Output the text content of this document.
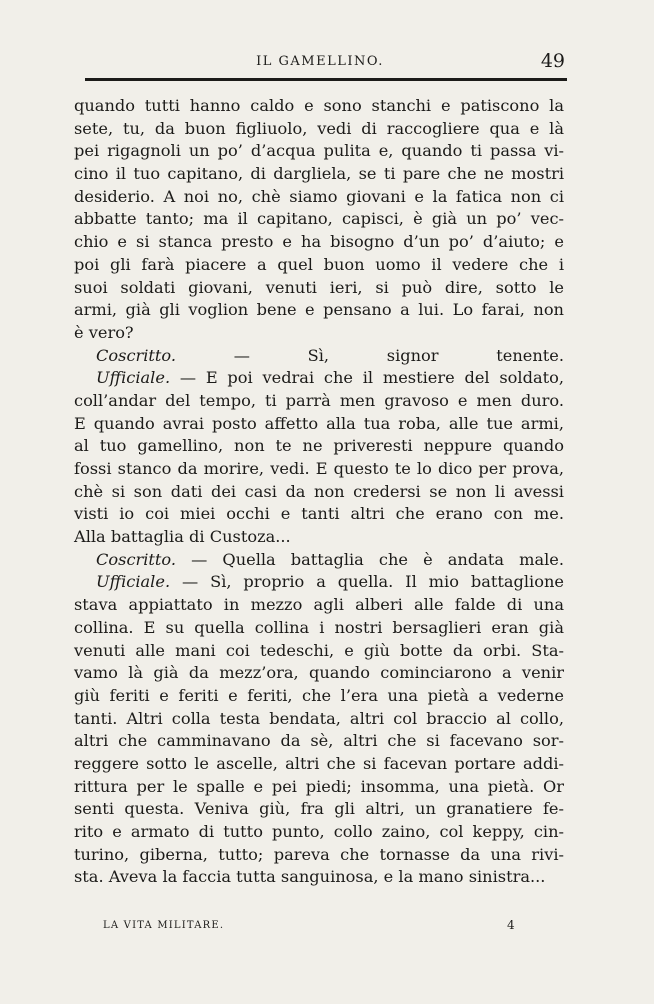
IL GAMELLINO.	49
quando tutti hanno caldo e sono stanchi e patiscono la
sete, tu, da buon figliuolo, vedi di raccogliere qua e là
pei rigagnoli un po’ d’acqua pulita e, quando ti passa vi-
cino il tuo capitano, di dargliela, se ti pare che ne mostri
desiderio. A noi no, chè siamo giovani e la fatica non ci
abbatte tanto; ma il capitano, capisci, è già un po’ vec-
chio e si stanca presto e ha bisogno d’un po’ d’aiuto; e
poi gli farà piacere a quel buon uomo il vedere che i
suoi soldati giovani, venuti ieri, si può dire, sotto le
armi, già gli voglion bene e pensano a lui. Lo farai, non
è vero?
Coscritto. — Sì, signor tenente.
Ufficiale. — E poi vedrai che il mestiere del soldato,
coll’andar del tempo, ti parrà men gravoso e men duro.
E quando avrai posto affetto alla tua roba, alle tue armi,
al tuo gamellino, non te ne priveresti neppure quando
fossi stanco da morire, vedi. E questo te lo dico per prova,
chè si son dati dei casi da non credersi se non li avessi
visti io coi miei occhi e tanti altri che erano con me.
Alla battaglia di Custoza...
Coscritto. — Quella battaglia che è andata male.
Ufficiale. — Sì, proprio a quella. Il mio battaglione
stava appiattato in mezzo agli alberi alle falde di una
collina. E su quella collina i nostri bersaglieri eran già
venuti alle mani coi tedeschi, e giù botte da orbi. Sta-
vamo là già da mezz’ora, quando cominciarono a venir
giù feriti e feriti e feriti, che l’era una pietà a vederne
tanti. Altri colla testa bendata, altri col braccio al collo,
altri che camminavano da sè, altri che si facevano sor-
reggere sotto le ascelle, altri che si facevan portare addi-
rittura per le spalle e pei piedi; insomma, una pietà. Or
senti questa. Veniva giù, fra gli altri, un granatiere fe-
rito e armato di tutto punto, collo zaino, col keppy, cin-
turino, giberna, tutto; pareva che tornasse da una rivi-
sta. Aveva la faccia tutta sanguinosa, e la mano sinistra...
LA VITA MILITARE.	4
